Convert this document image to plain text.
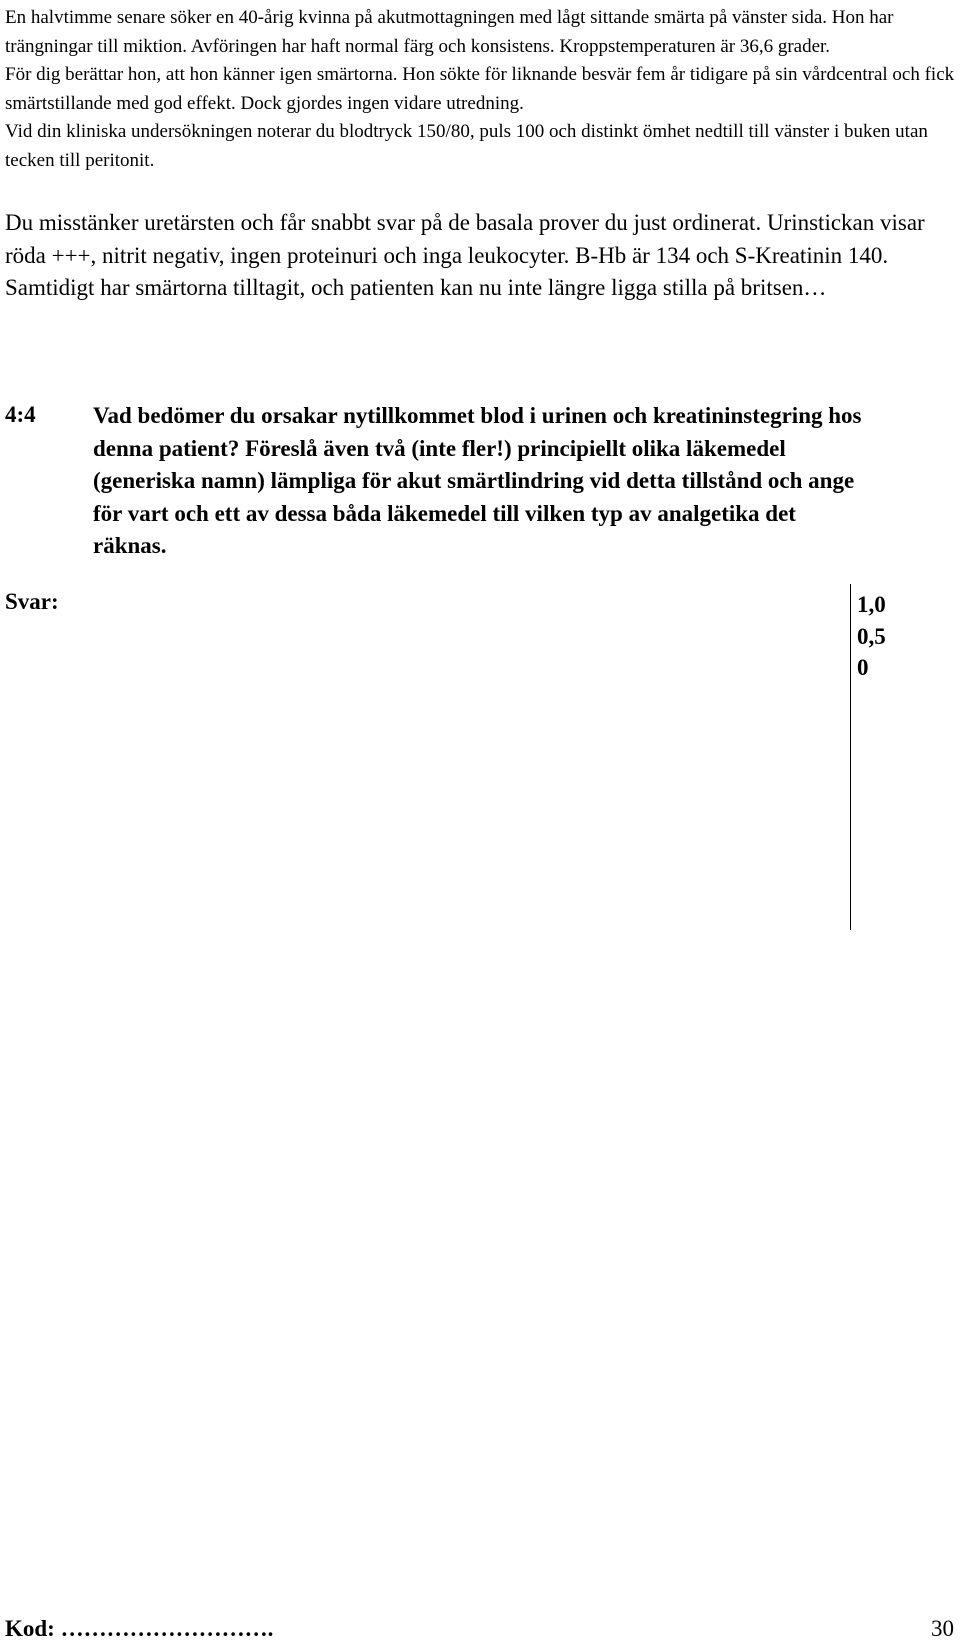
En halvtimme senare söker en 40-årig kvinna på akutmottagningen med lågt sittande smärta på vänster sida. Hon har trängningar till miktion. Avföringen har haft normal färg och konsistens. Kroppstemperaturen är 36,6 grader.

För dig berättar hon, att hon känner igen smärtorna. Hon sökte för liknande besvär fem år tidigare på sin vårdcentral och fick smärtstillande med god effekt. Dock gjordes ingen vidare utredning.

Vid din kliniska undersökningen noterar du blodtryck 150/80, puls 100 och distinkt ömhet nedtill till vänster i buken utan tecken till peritonit.

Du misstänker uretärsten och får snabbt svar på de basala prover du just ordinerat. Urinstickan visar röda +++, nitrit negativ, ingen proteinuri och inga leukocyter. B-Hb är 134 och S-Kreatinin 140. Samtidigt har smärtorna tilltagit, och patienten kan nu inte längre ligga stilla på britsen…
4:4 Vad bedömer du orsakar nytillkommet blod i urinen och kreatininstegring hos denna patient? Föreslå även två (inte fler!) principiellt olika läkemedel (generiska namn) lämpliga för akut smärtlindring vid detta tillstånd och ange för vart och ett av dessa båda läkemedel till vilken typ av analgetika det räknas.
Svar:	1,0
0,5
0
Kod: ……………………….	30
